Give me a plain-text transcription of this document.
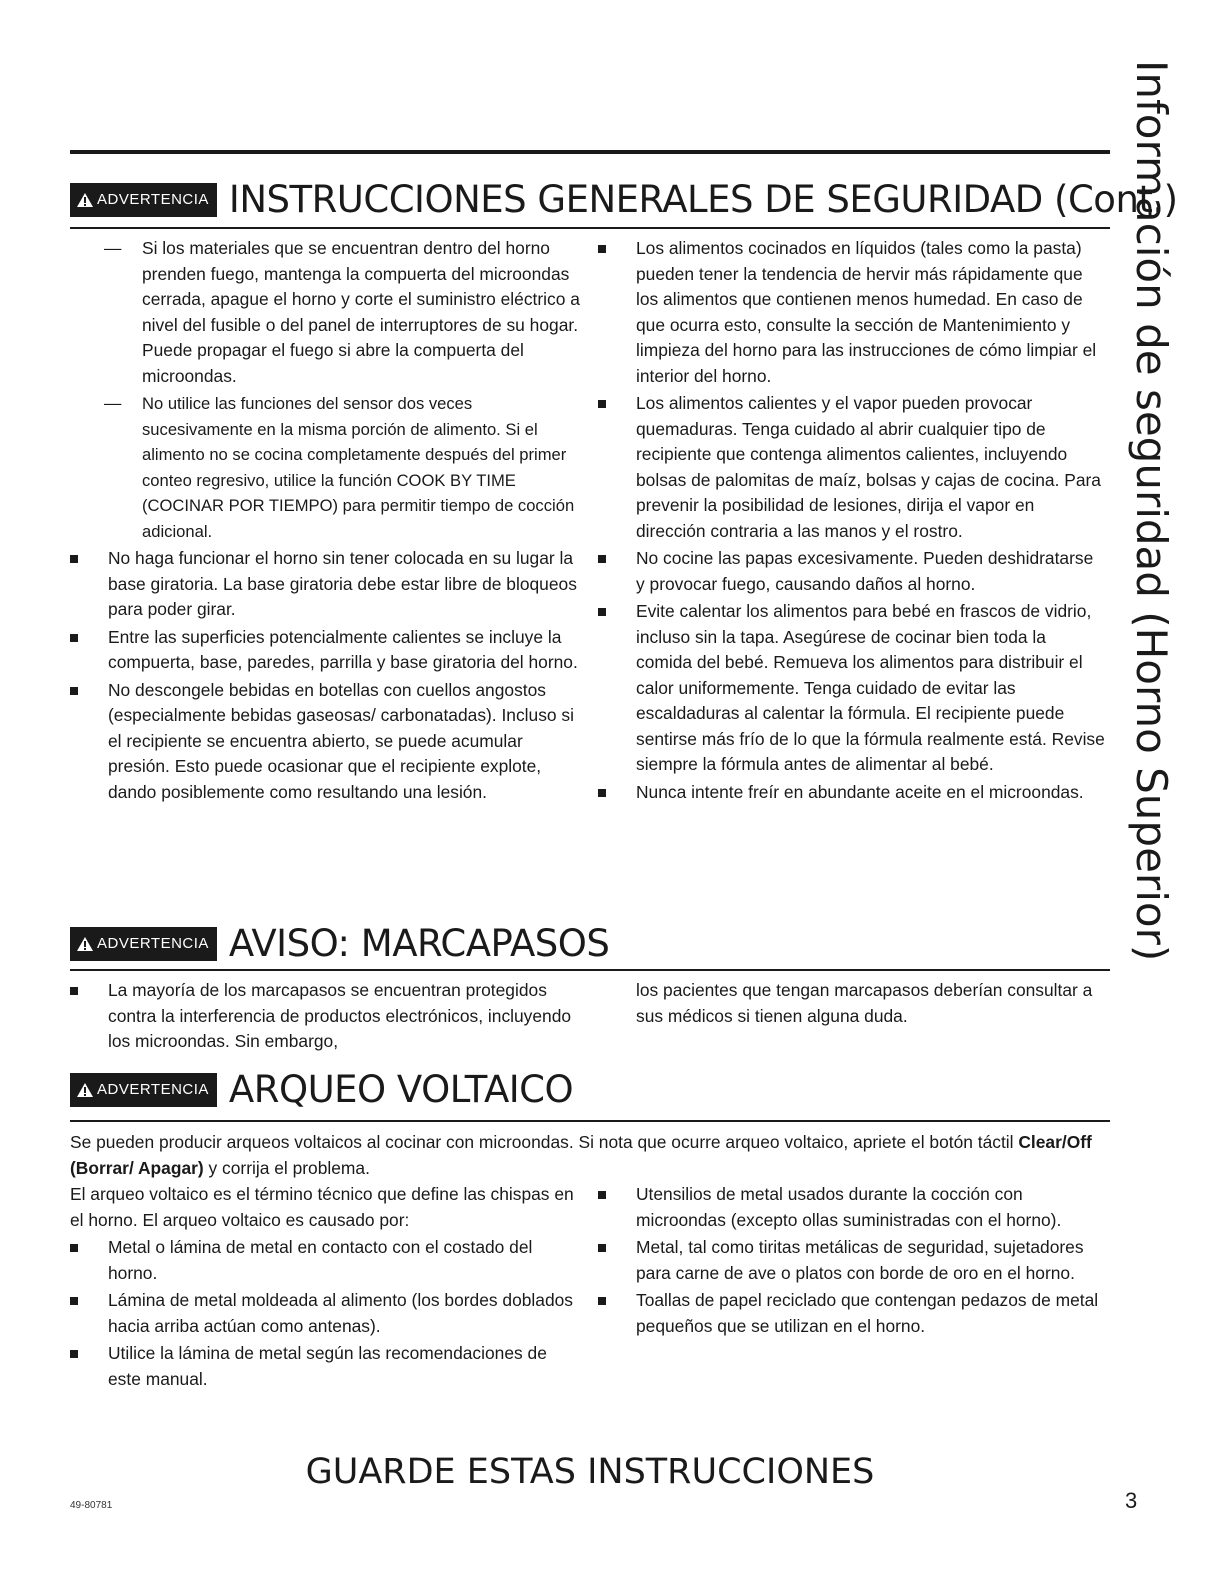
Información de seguridad (Horno Superior)
ADVERTENCIA INSTRUCCIONES GENERALES DE SEGURIDAD (Cont.)
— Si los materiales que se encuentran dentro del horno prenden fuego, mantenga la compuerta del microondas cerrada, apague el horno y corte el suministro eléctrico a nivel del fusible o del panel de interruptores de su hogar. Puede propagar el fuego si abre la compuerta del microondas.
— No utilice las funciones del sensor dos veces sucesivamente en la misma porción de alimento. Si el alimento no se cocina completamente después del primer conteo regresivo, utilice la función COOK BY TIME (COCINAR POR TIEMPO) para permitir tiempo de cocción adicional.
No haga funcionar el horno sin tener colocada en su lugar la base giratoria. La base giratoria debe estar libre de bloqueos para poder girar.
Entre las superficies potencialmente calientes se incluye la compuerta, base, paredes, parrilla y base giratoria del horno.
No descongele bebidas en botellas con cuellos angostos (especialmente bebidas gaseosas/ carbonatadas). Incluso si el recipiente se encuentra abierto, se puede acumular presión. Esto puede ocasionar que el recipiente explote, dando posiblemente como resultando una lesión.
Los alimentos cocinados en líquidos (tales como la pasta) pueden tener la tendencia de hervir más rápidamente que los alimentos que contienen menos humedad. En caso de que ocurra esto, consulte la sección de Mantenimiento y limpieza del horno para las instrucciones de cómo limpiar el interior del horno.
Los alimentos calientes y el vapor pueden provocar quemaduras. Tenga cuidado al abrir cualquier tipo de recipiente que contenga alimentos calientes, incluyendo bolsas de palomitas de maíz, bolsas y cajas de cocina. Para prevenir la posibilidad de lesiones, dirija el vapor en dirección contraria a las manos y el rostro.
No cocine las papas excesivamente. Pueden deshidratarse y provocar fuego, causando daños al horno.
Evite calentar los alimentos para bebé en frascos de vidrio, incluso sin la tapa. Asegúrese de cocinar bien toda la comida del bebé. Remueva los alimentos para distribuir el calor uniformemente. Tenga cuidado de evitar las escaldaduras al calentar la fórmula. El recipiente puede sentirse más frío de lo que la fórmula realmente está. Revise siempre la fórmula antes de alimentar al bebé.
Nunca intente freír en abundante aceite en el microondas.
ADVERTENCIA AVISO: MARCAPASOS
La mayoría de los marcapasos se encuentran protegidos contra la interferencia de productos electrónicos, incluyendo los microondas. Sin embargo,

los pacientes que tengan marcapasos deberían consultar a sus médicos si tienen alguna duda.

ADVERTENCIA ARQUEO VOLTAICO

Se pueden producir arqueos voltaicos al cocinar con microondas. Si nota que ocurre arqueo voltaico, apriete el botón táctil Clear/Off (Borrar/ Apagar) y corrija el problema.

El arqueo voltaico es el término técnico que define las chispas en el horno. El arqueo voltaico es causado por:

Metal o lámina de metal en contacto con el costado del horno.
Lámina de metal moldeada al alimento (los bordes doblados hacia arriba actúan como antenas).
Utilice la lámina de metal según las recomendaciones de este manual.
Utensilios de metal usados durante la cocción con microondas (excepto ollas suministradas con el horno).
Metal, tal como tiritas metálicas de seguridad, sujetadores para carne de ave o platos con borde de oro en el horno.
Toallas de papel reciclado que contengan pedazos de metal pequeños que se utilizan en el horno.
GUARDE ESTAS INSTRUCCIONES
49-80781	3
